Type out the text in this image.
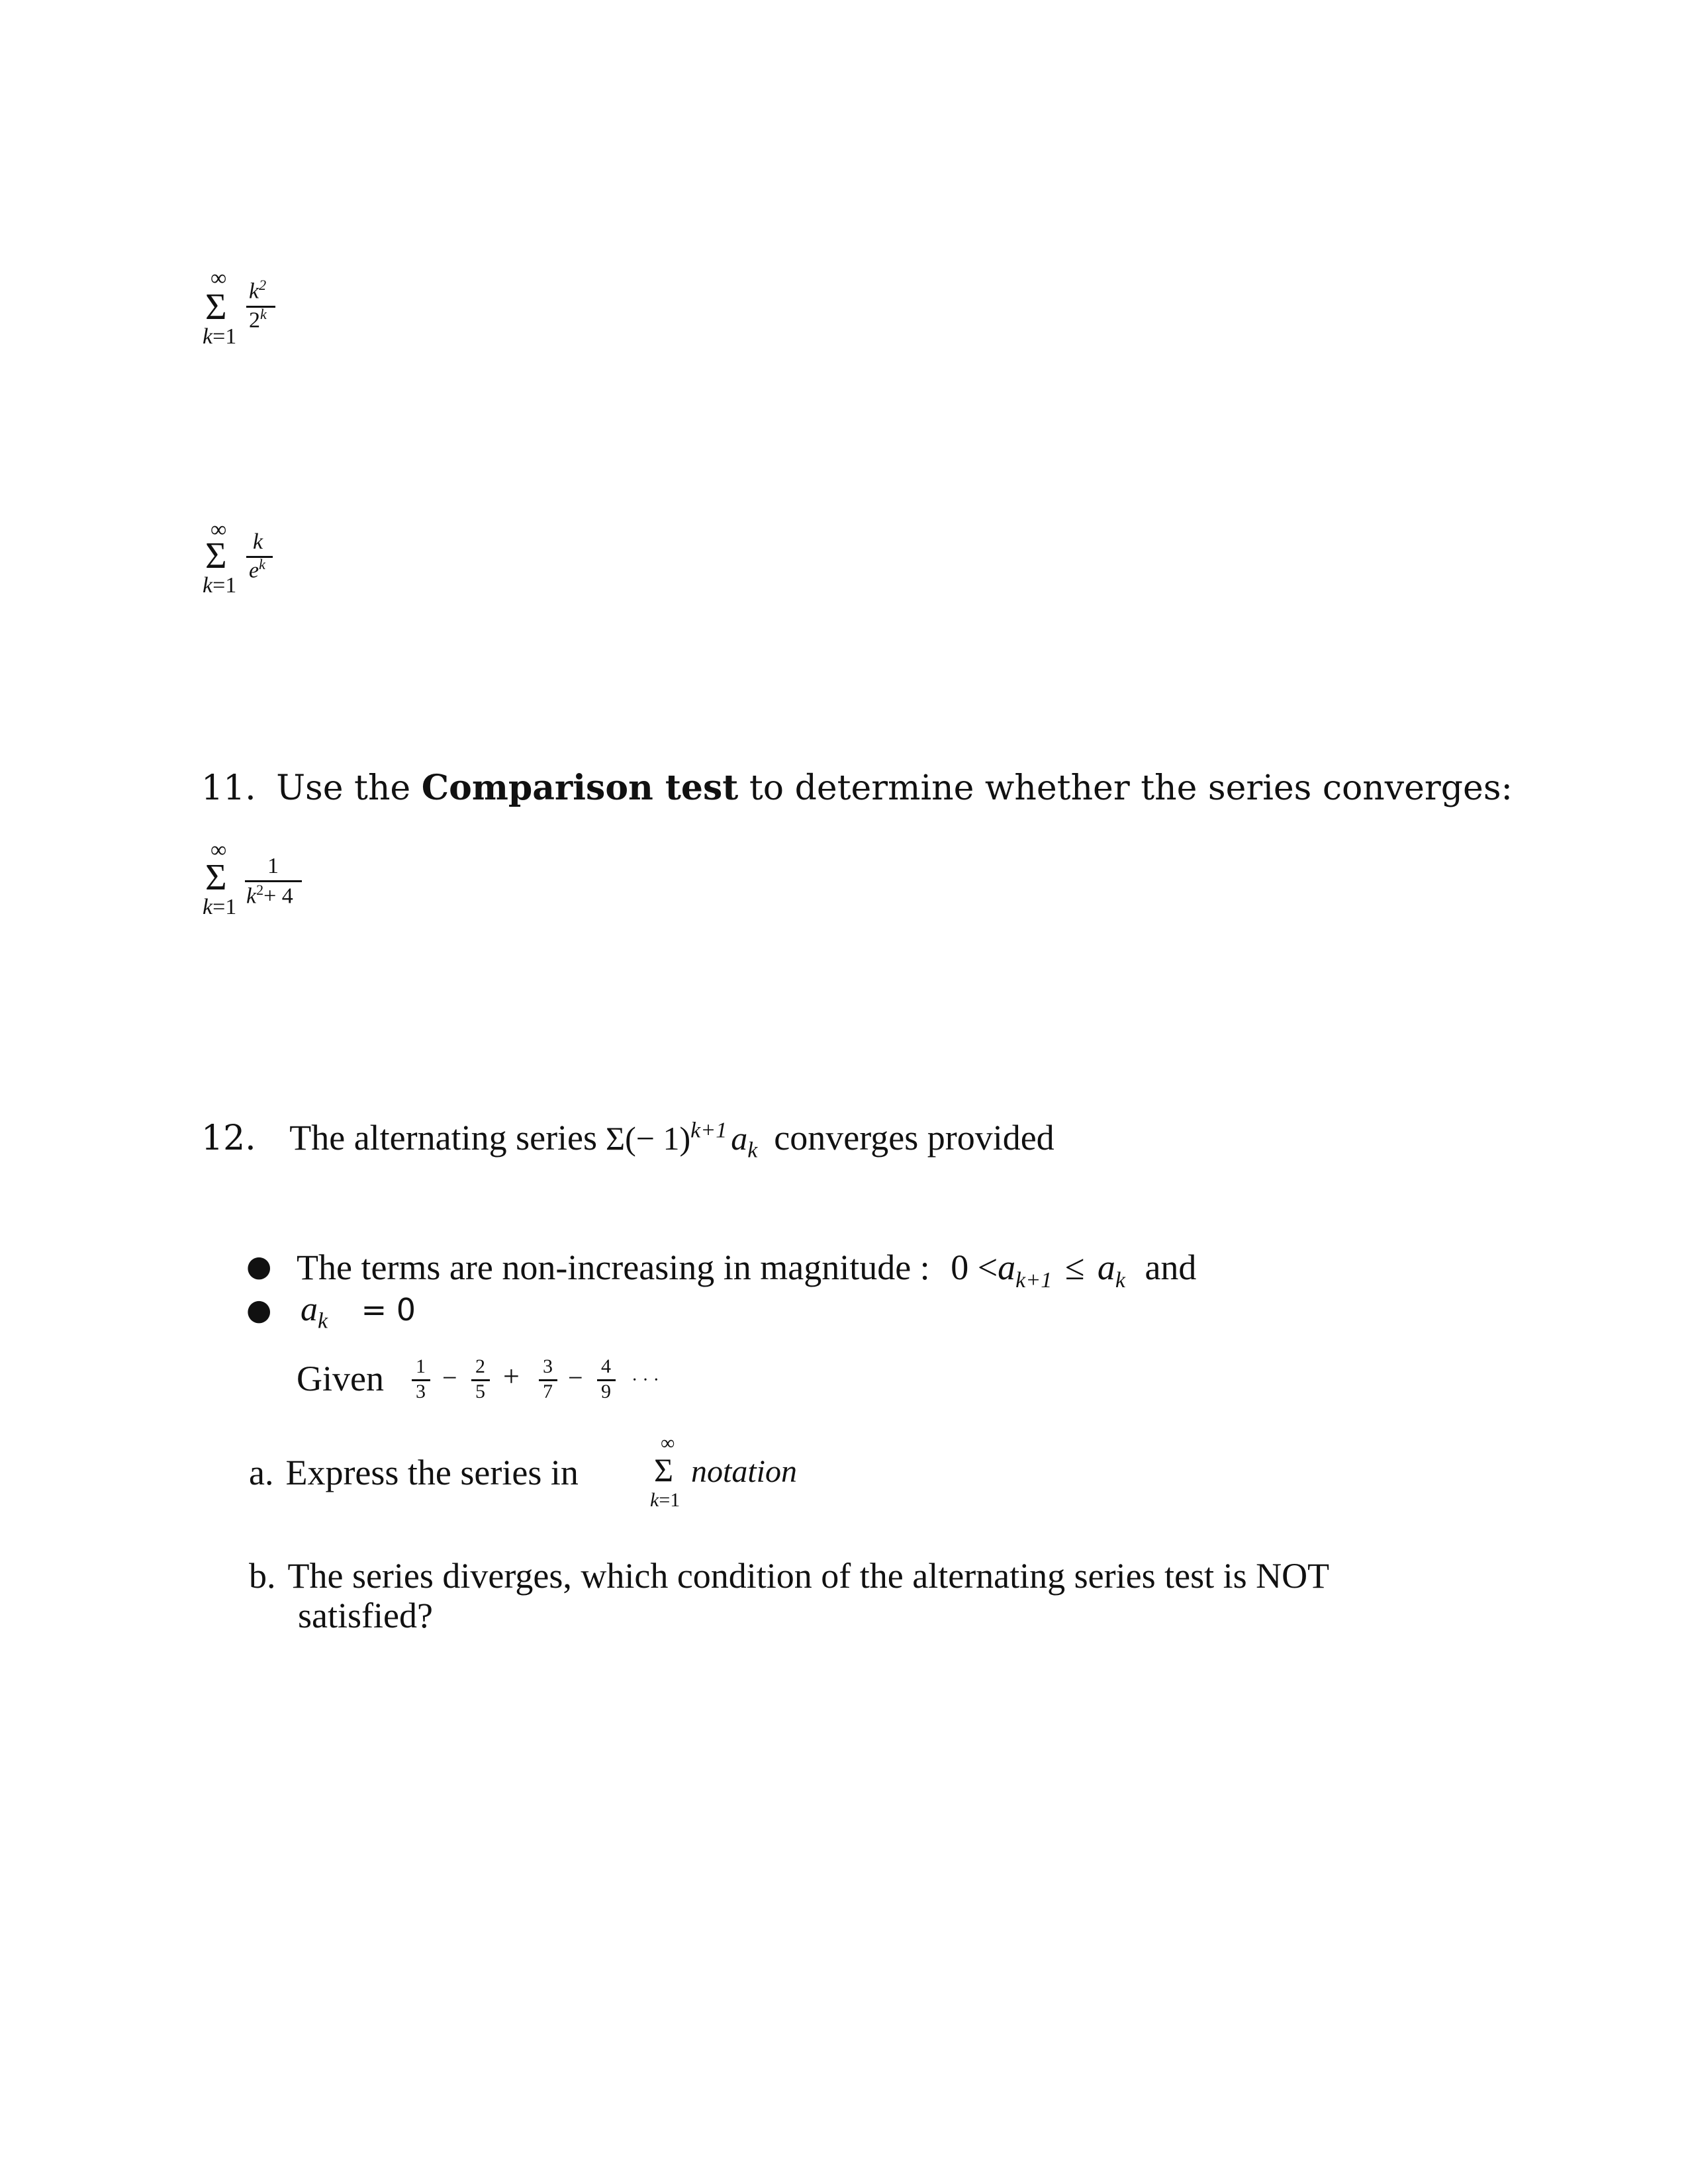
∞
Σ
k=1
$k^2$
2$^k$
∞
Σ
k=1
k
$e^k$
11. Use the Comparison test to determine whether the series converges:
∞
Σ
k=1
1
$k^2+ 4$
12. The alternating series $\Sigma(- 1)^{k+1}$ $a_k$ converges provided
● The terms are non-increasing in magnitude : $0 <a_{k+1} \le a_k$ and
● $a_k = 0$
Given 1
3 − 2
5 + 3
7 − 4
9
· · ·
a. Express the series in
∞
Σ
k=1
notation
b. The series diverges, which condition of the alternating series test is NOT
satisfied?
